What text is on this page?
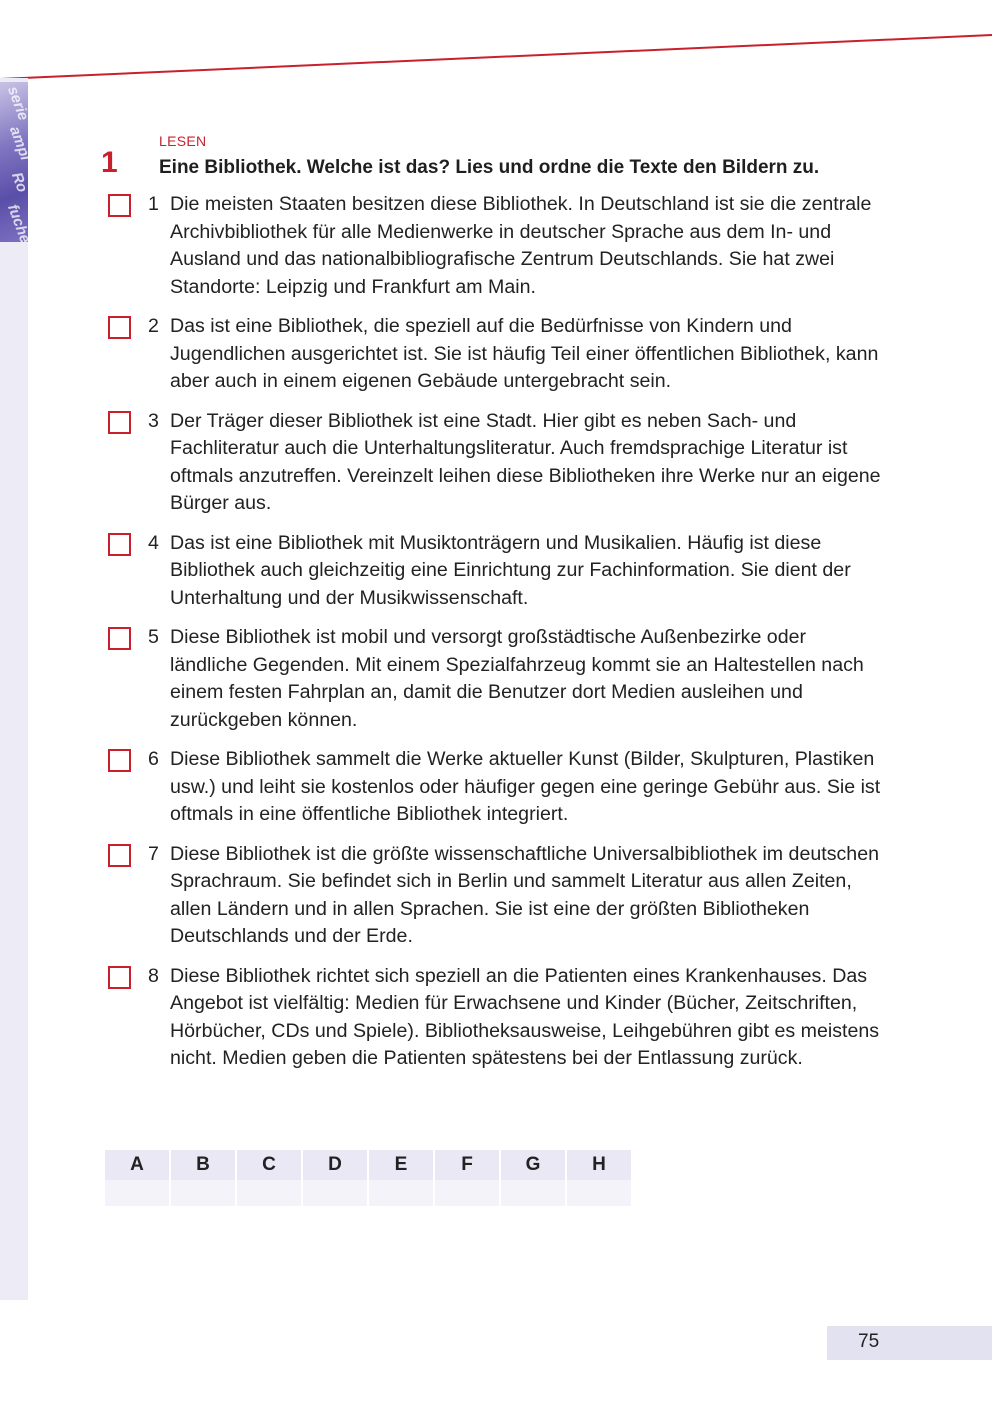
serie
ampl
Ro
fuche
LESEN
1 Eine Bibliothek. Welche ist das? Lies und ordne die Texte den Bildern zu.
1 Die meisten Staaten besitzen diese Bibliothek. In Deutschland ist sie die zentrale Archivbibliothek für alle Medienwerke in deutscher Sprache aus dem In- und Ausland und das nationalbibliografische Zentrum Deutschlands. Sie hat zwei Standorte: Leipzig und Frankfurt am Main.
2 Das ist eine Bibliothek, die speziell auf die Bedürfnisse von Kindern und Jugendlichen ausgerichtet ist. Sie ist häufig Teil einer öffentlichen Bibliothek, kann aber auch in einem eigenen Gebäude untergebracht sein.
3 Der Träger dieser Bibliothek ist eine Stadt. Hier gibt es neben Sach- und Fachliteratur auch die Unterhaltungsliteratur. Auch fremdsprachige Literatur ist oftmals anzutreffen. Vereinzelt leihen diese Bibliotheken ihre Werke nur an eigene Bürger aus.
4 Das ist eine Bibliothek mit Musiktonträgern und Musikalien. Häufig ist diese Bibliothek auch gleichzeitig eine Einrichtung zur Fachinformation. Sie dient der Unterhaltung und der Musikwissenschaft.
5 Diese Bibliothek ist mobil und versorgt großstädtische Außenbezirke oder ländliche Gegenden. Mit einem Spezialfahrzeug kommt sie an Haltestellen nach einem festen Fahrplan an, damit die Benutzer dort Medien ausleihen und zurückgeben können.
6 Diese Bibliothek sammelt die Werke aktueller Kunst (Bilder, Skulpturen, Plastiken usw.) und leiht sie kostenlos oder häufiger gegen eine geringe Gebühr aus. Sie ist oftmals in eine öffentliche Bibliothek integriert.
7 Diese Bibliothek ist die größte wissenschaftliche Universalbibliothek im deutschen Sprachraum. Sie befindet sich in Berlin und sammelt Literatur aus allen Zeiten, allen Ländern und in allen Sprachen. Sie ist eine der größten Bibliotheken Deutschlands und der Erde.
8 Diese Bibliothek richtet sich speziell an die Patienten eines Krankenhauses. Das Angebot ist vielfältig: Medien für Erwachsene und Kinder (Bücher, Zeitschriften, Hörbücher, CDs und Spiele). Bibliotheksausweise, Leihgebühren gibt es meistens nicht. Medien geben die Patienten spätestens bei der Entlassung zurück.
A	B	C	D	E	F	G	H

75
